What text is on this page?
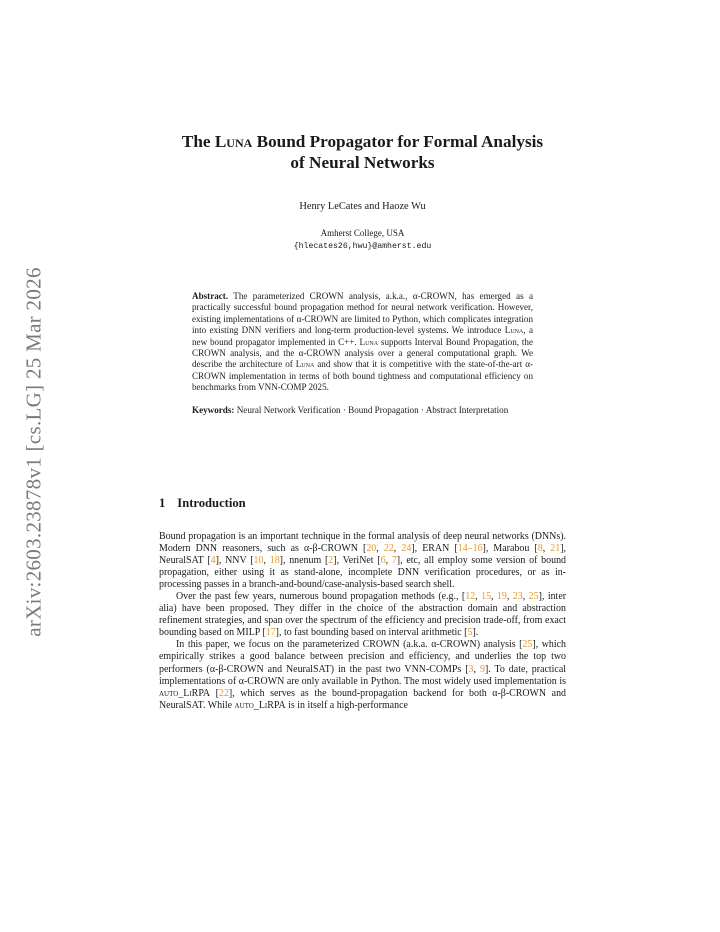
arXiv:2603.23878v1 [cs.LG] 25 Mar 2026
The Luna Bound Propagator for Formal Analysis
of Neural Networks
Henry LeCates and Haoze Wu
Amherst College, USA
{hlecates26,hwu}@amherst.edu

Abstract. The parameterized CROWN analysis, a.k.a., α-CROWN, has emerged as a practically successful bound propagation method for neural network verification. However, existing implementations of α-CROWN are limited to Python, which complicates integration into existing DNN verifiers and long-term production-level systems. We introduce Luna, a new bound propagator implemented in C++. Luna supports Interval Bound Propagation, the CROWN analysis, and the α-CROWN analysis over a general computational graph. We describe the architecture of Luna and show that it is competitive with the state-of-the-art α-CROWN implementation in terms of both bound tightness and computational efficiency on benchmarks from VNN-COMP 2025.

Keywords: Neural Network Verification · Bound Propagation · Abstract Interpretation

1 Introduction

Bound propagation is an important technique in the formal analysis of deep neural networks (DNNs). Modern DNN reasoners, such as α-β-CROWN [20, 22, 24], ERAN [14–16], Marabou [8, 21], NeuralSAT [4], NNV [10, 18], nnenum [2], VeriNet [6, 7], etc, all employ some version of bound propagation, either using it as stand-alone, incomplete DNN verification procedures, or as in-processing passes in a branch-and-bound/case-analysis-based search shell.

Over the past few years, numerous bound propagation methods (e.g., [12, 15, 19, 23, 25], inter alia) have been proposed. They differ in the choice of the abstraction domain and abstraction refinement strategies, and span over the spectrum of the efficiency and precision trade-off, from exact bounding based on MILP [17], to fast bounding based on interval arithmetic [5].

In this paper, we focus on the parameterized CROWN (a.k.a. α-CROWN) analysis [25], which empirically strikes a good balance between precision and efficiency, and underlies the top two performers (α-β-CROWN and NeuralSAT) in the past two VNN-COMPs [3, 9]. To date, practical implementations of α-CROWN are only available in Python. The most widely used implementation is auto_LiRPA [22], which serves as the bound-propagation backend for both α-β-CROWN and NeuralSAT. While auto_LiRPA is in itself a high-performance
